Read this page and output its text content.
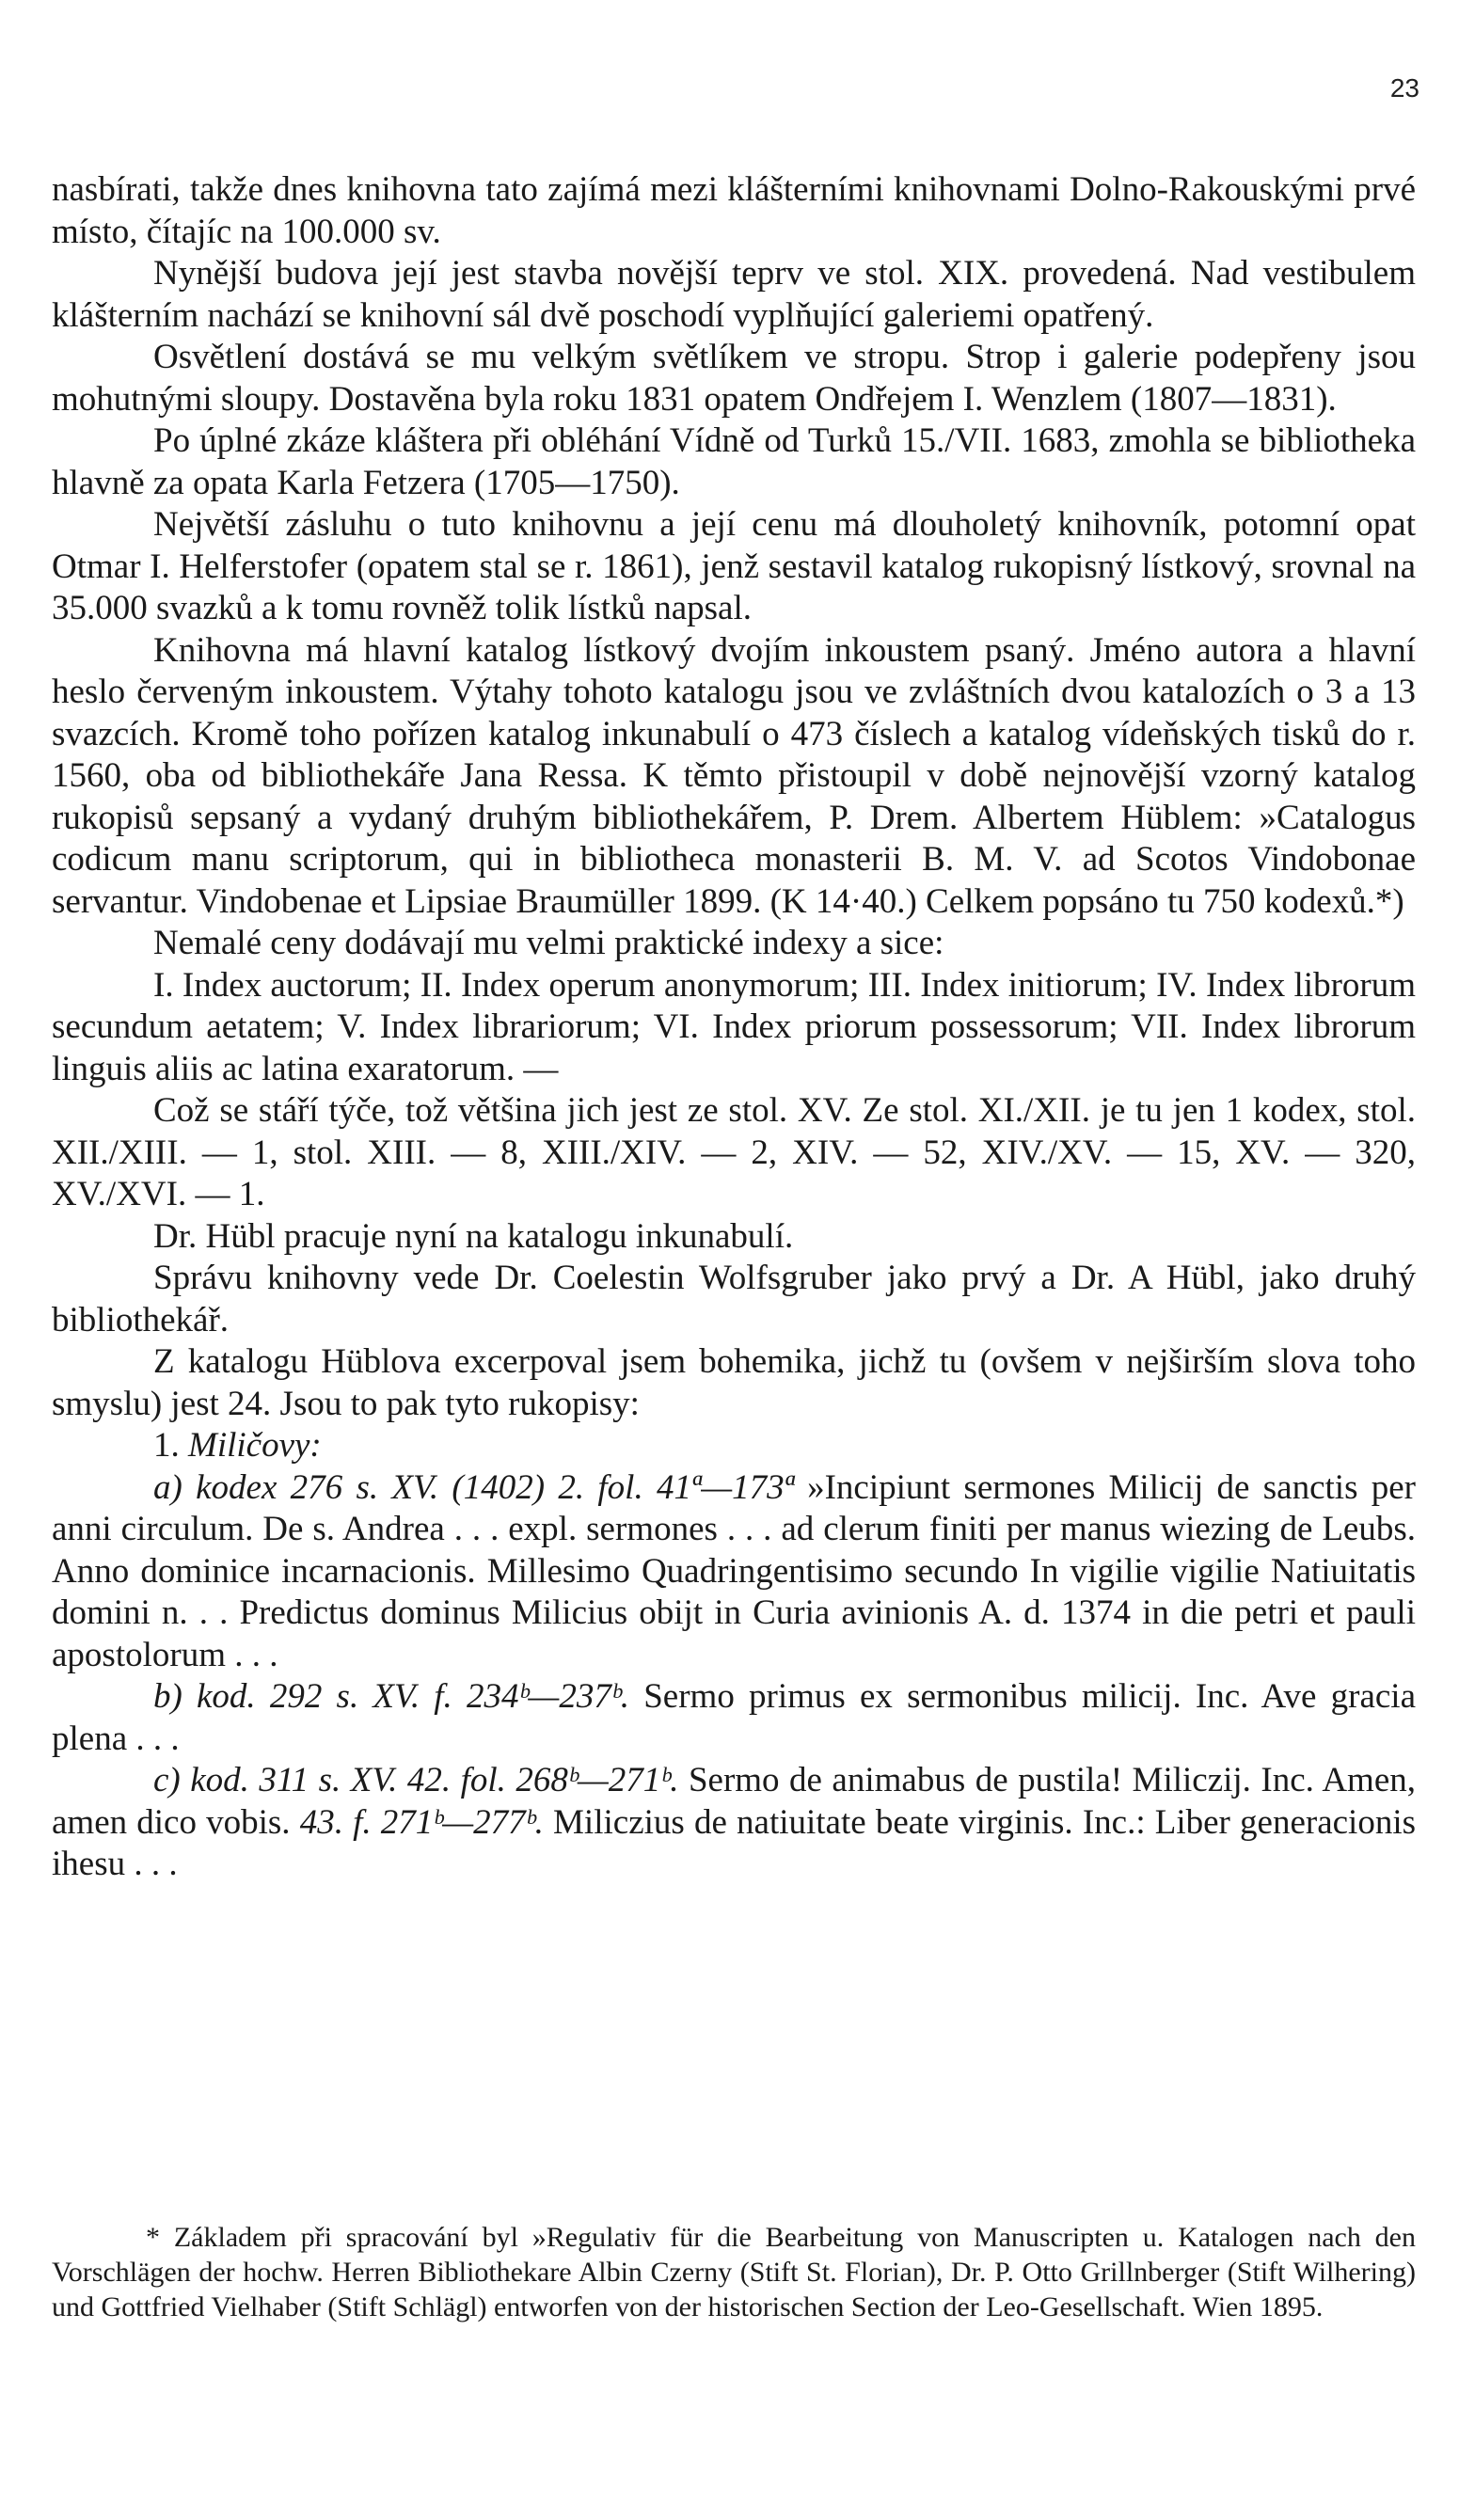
23

nasbírati, takže dnes knihovna tato zajímá mezi klášterními knihovnami Dolno-Rakouskými prvé místo, čítajíc na 100.000 sv.

Nynější budova její jest stavba novější teprv ve stol. XIX. provedená. Nad vestibulem klášterním nachází se knihovní sál dvě poschodí vyplňující galeriemi opatřený.

Osvětlení dostává se mu velkým světlíkem ve stropu. Strop i galerie podepřeny jsou mohutnými sloupy. Dostavěna byla roku 1831 opatem Ondřejem I. Wenzlem (1807—1831).

Po úplné zkáze kláštera při obléhání Vídně od Turků 15./VII. 1683, zmohla se bibliotheka hlavně za opata Karla Fetzera (1705—1750).

Největší zásluhu o tuto knihovnu a její cenu má dlouholetý knihovník, potomní opat Otmar I. Helferstofer (opatem stal se r. 1861), jenž sestavil katalog rukopisný lístkový, srovnal na 35.000 svazků a k tomu rovněž tolik lístků napsal.

Knihovna má hlavní katalog lístkový dvojím inkoustem psaný. Jméno autora a hlavní heslo červeným inkoustem. Výtahy tohoto katalogu jsou ve zvláštních dvou katalozích o 3 a 13 svazcích. Kromě toho pořízen katalog inkunabulí o 473 číslech a katalog vídeňských tisků do r. 1560, oba od bibliothekáře Jana Ressa. K těmto přistoupil v době nejnovější vzorný katalog rukopisů sepsaný a vydaný druhým bibliothekářem, P. Drem. Albertem Hüblem: »Catalogus codicum manu scriptorum, qui in bibliotheca monasterii B. M. V. ad Scotos Vindobonae servantur. Vindobenae et Lipsiae Braumüller 1899. (K 14·40.) Celkem popsáno tu 750 kodexů.*)

Nemalé ceny dodávají mu velmi praktické indexy a sice:

I. Index auctorum; II. Index operum anonymorum; III. Index initiorum; IV. Index librorum secundum aetatem; V. Index librariorum; VI. Index priorum possessorum; VII. Index librorum linguis aliis ac latina exaratorum. —

Což se stáří týče, tož většina jich jest ze stol. XV. Ze stol. XI./XII. je tu jen 1 kodex, stol. XII./XIII. — 1, stol. XIII. — 8, XIII./XIV. — 2, XIV. — 52, XIV./XV. — 15, XV. — 320, XV./XVI. — 1.

Dr. Hübl pracuje nyní na katalogu inkunabulí.

Správu knihovny vede Dr. Coelestin Wolfsgruber jako prvý a Dr. A Hübl, jako druhý bibliothekář.

Z katalogu Hüblova excerpoval jsem bohemika, jichž tu (ovšem v nejširším slova toho smyslu) jest 24. Jsou to pak tyto rukopisy:

1. Miličovy:

a) kodex 276 s. XV. (1402) 2. fol. 41ª—173ª »Incipiunt sermones Milicij de sanctis per anni circulum. De s. Andrea . . . expl. sermones . . . ad clerum finiti per manus wiezing de Leubs. Anno dominice incarnacionis. Millesimo Quadringentisimo secundo In vigilie vigilie Natiuitatis domini n. . . Predictus dominus Milicius obijt in Curia avinionis A. d. 1374 in die petri et pauli apostolorum . . .

b) kod. 292 s. XV. f. 234ᵇ—237ᵇ. Sermo primus ex sermonibus milicij. Inc. Ave gracia plena . . .

c) kod. 311 s. XV. 42. fol. 268ᵇ—271ᵇ. Sermo de animabus de pustila! Miliczij. Inc. Amen, amen dico vobis. 43. f. 271ᵇ—277ᵇ. Miliczius de natiuitate beate virginis. Inc.: Liber generacionis ihesu . . .

* Základem při spracování byl »Regulativ für die Bearbeitung von Manuscripten u. Katalogen nach den Vorschlägen der hochw. Herren Bibliothekare Albin Czerny (Stift St. Florian), Dr. P. Otto Grillnberger (Stift Wilhering) und Gottfried Vielhaber (Stift Schlägl) entworfen von der historischen Section der Leo-Gesellschaft. Wien 1895.
